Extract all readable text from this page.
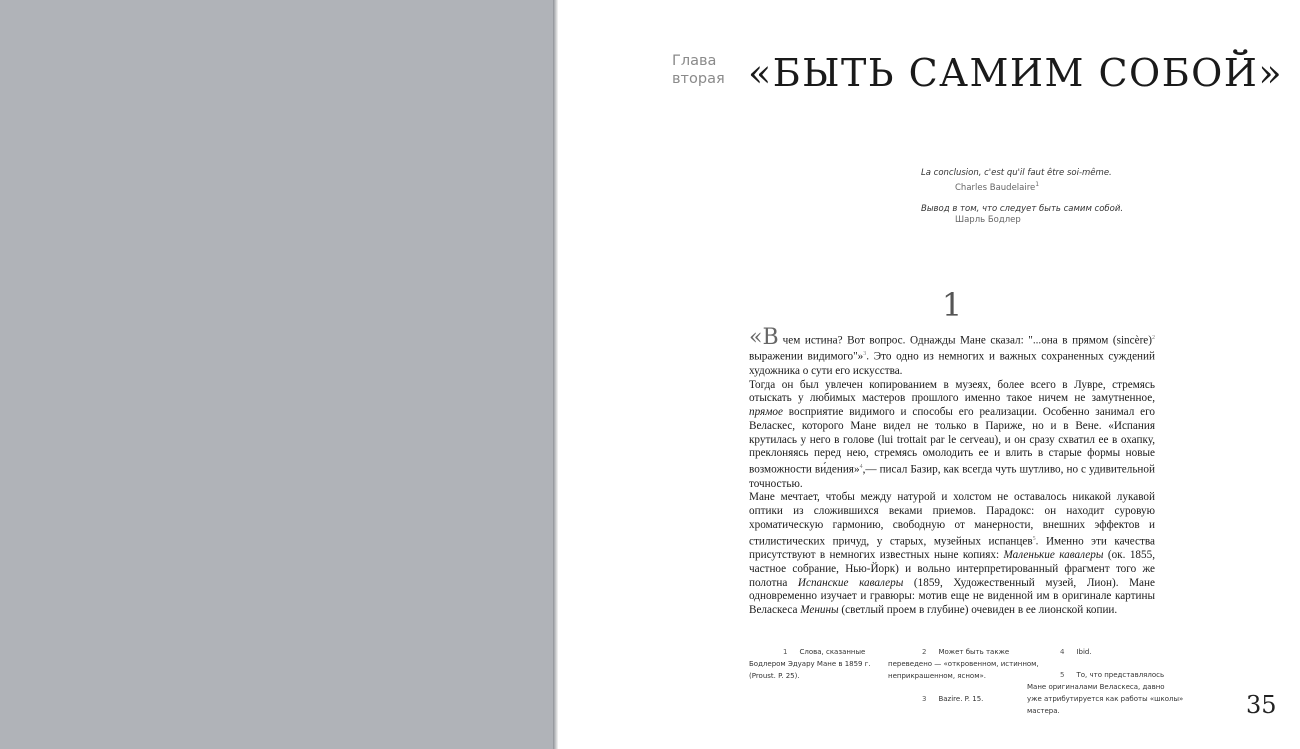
Глава
вторая «БЫТЬ САМИМ СОБОЙ»
La conclusion, c'est qu'il faut être soi-même.
Charles Baudelaire$^1$
Вывод в том, что следует быть самим собой.
Шарль Бодлер
1

«Вчем истина? Вот вопрос. Однажды Мане сказал: "...она в прямом (sincère)$^2$ выражении видимого"»$^3$. Это одно из немногих и важных сохраненных суждений художника о сути его искусства.

Тогда он был увлечен копированием в музеях, более всего в Лувре, стремясь отыскать у любимых мастеров прошлого именно такое ничем не замутненное, прямое восприятие видимого и способы его реализации. Особенно занимал его Веласкес, которого Мане видел не только в Париже, но и в Вене. «Испания крутилась у него в голове (lui trottait par le cerveau), и он сразу схватил ее в охапку, преклоняясь перед нею, стремясь омолодить ее и влить в старые формы новые возможности ви́дения»$^4$,— писал Базир, как всегда чуть шутливо, но с удивительной точностью.

Мане мечтает, чтобы между натурой и холстом не оставалось никакой лукавой оптики из сложившихся веками приемов. Парадокс: он находит суровую хроматическую гармонию, свободную от манерности, внешних эффектов и стилистических причуд, у старых, музейных испанцев$^5$. Именно эти качества присутствуют в немногих известных ныне копиях: Маленькие кавалеры (ок. 1855, частное собрание, Нью-Йорк) и вольно интерпретированный фрагмент того же полотна Испанские кавалеры (1859, Художественный музей, Лион). Мане одновременно изучает и гравюры: мотив еще не виденной им в оригинале картины Веласкеса Менины (светлый проем в глубине) очевиден в ее лионской копии.

1 Слова, сказанные
Бодлером Эдуару Мане в 1859 г.
(Proust. P. 25).
2 Может быть также
переведено — «откровенном, истинном,
неприкрашенном, ясном».
3 Bazire. P. 15.
4 Ibid.
5 То, что представлялось
Мане оригиналами Веласкеса, давно
уже атрибутируется как работы «школы»
мастера.	35
